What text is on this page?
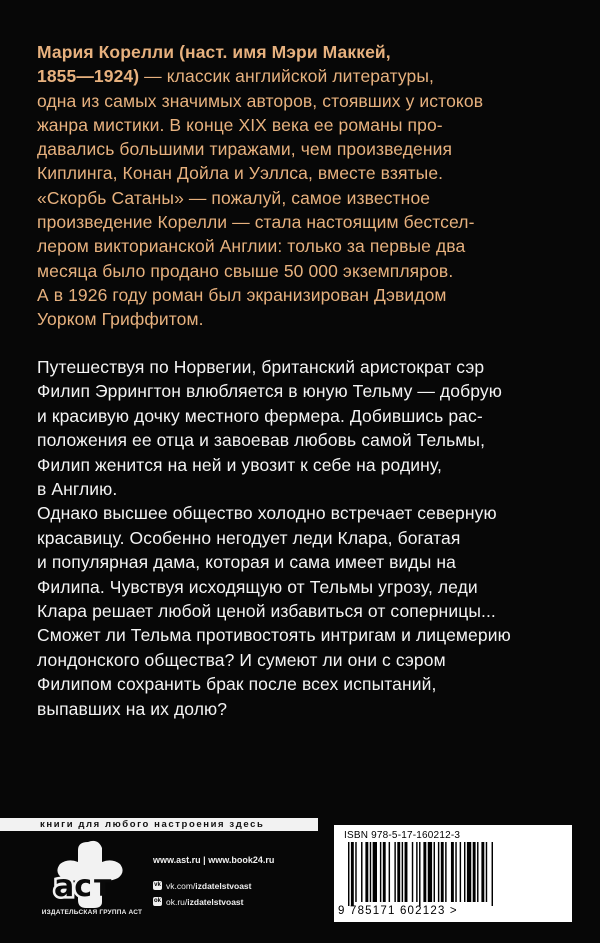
Мария Корелли (наст. имя Мэри Маккей,
1855—1924) — классик английской литературы,
одна из самых значимых авторов, стоявших у истоков
жанра мистики. В конце XIX века ее романы про-
давались большими тиражами, чем произведения
Киплинга, Конан Дойла и Уэллса, вместе взятые.
«Скорбь Сатаны» — пожалуй, самое известное
произведение Корелли — стала настоящим бестсел-
лером викторианской Англии: только за первые два
месяца было продано свыше 50 000 экземпляров.
А в 1926 году роман был экранизирован Дэвидом
Уорком Гриффитом.

Путешествуя по Норвегии, британский аристократ сэр
Филип Эррингтон влюбляется в юную Тельму — добрую
и красивую дочку местного фермера. Добившись рас-
положения ее отца и завоевав любовь самой Тельмы,
Филип женится на ней и увозит к себе на родину,
в Англию.

Однако высшее общество холодно встречает северную
красавицу. Особенно негодует леди Клара, богатая
и популярная дама, которая и сама имеет виды на
Филипа. Чувствуя исходящую от Тельмы угрозу, леди
Клара решает любой ценой избавиться от соперницы...
Сможет ли Тельма противостоять интригам и лицемерию
лондонского общества? И сумеют ли они с сэром
Филипом сохранить брак после всех испытаний,
выпавших на их долю?

книги для любого настроения здесь
ac т
ИЗДАТЕЛЬСКАЯ ГРУППА АСТ
www.ast.ru | www.book24.ru
vk vk.com/izdatelstvoast
ok ok.ru/izdatelstvoast
ISBN 978-5-17-160212-3
9 785171 602123 >
